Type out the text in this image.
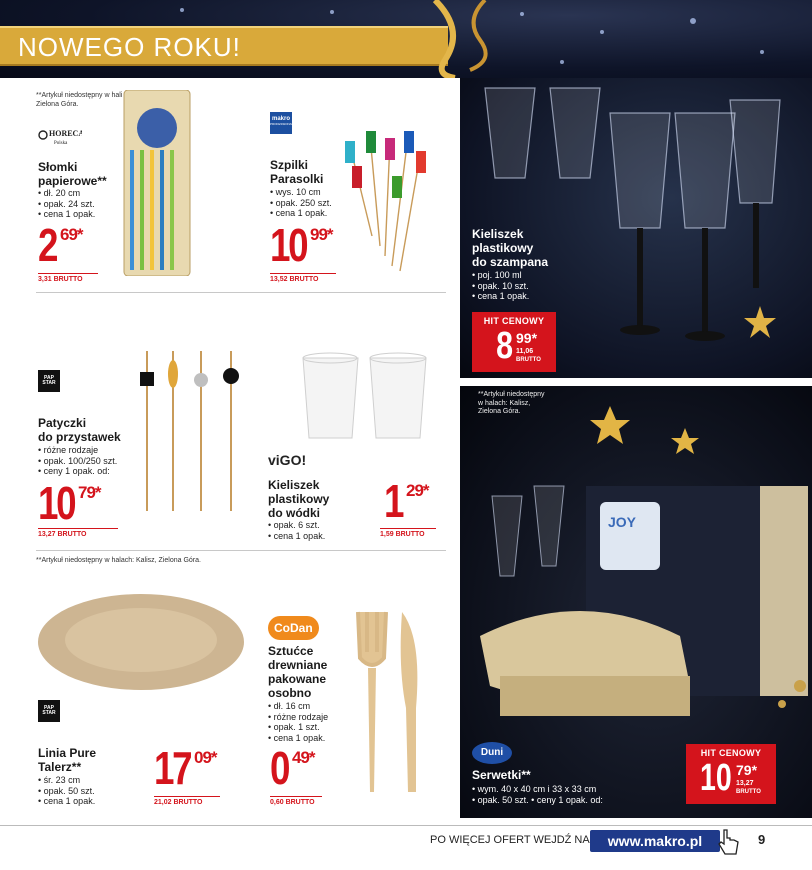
NOWEGO ROKU!
**Artykuł niedostępny w hali Zielona Góra.
HORECA
Polska
Słomki
papierowe**
• dł. 20 cm
• opak. 24 szt.
• cena 1 opak.
2 69*
3,31 BRUTTO
makro
PROFESSIONAL
Szpilki
Parasolki
• wys. 10 cm
• opak. 250 szt.
• cena 1 opak.
10 99*
13,52 BRUTTO
Kieliszek
plastikowy
do szampana
• poj. 100 ml
• opak. 10 szt.
• cena 1 opak.
HIT CENOWY
8 99*
11,06
BRUTTO
PAP STAR
Patyczki
do przystawek
• różne rodzaje
• opak. 100/250 szt.
• ceny 1 opak. od:
10 79*
13,27 BRUTTO
viGO!
Kieliszek
plastikowy
do wódki
• opak. 6 szt.
• cena 1 opak.
1 29*
1,59 BRUTTO
**Artykuł niedostępny w halach: Kalisz, Zielona Góra.
JOY
**Artykuł niedostępny
w halach: Kalisz,
Zielona Góra.
Duni
Serwetki**
• wym. 40 x 40 cm i 33 x 33 cm
• opak. 50 szt. • ceny 1 opak. od:
HIT CENOWY
10 79*
13,27
BRUTTO
PAP STAR
Linia Pure
Talerz**
• śr. 23 cm
• opak. 50 szt.
• cena 1 opak.
17 09*
21,02 BRUTTO
CoDan
Sztućce
drewniane
pakowane
osobno
• dł. 16 cm
• różne rodzaje
• opak. 1 szt.
• cena 1 opak.
0 49*
0,60 BRUTTO
PO WIĘCEJ OFERT WEJDŹ NA	www.makro.pl	9
